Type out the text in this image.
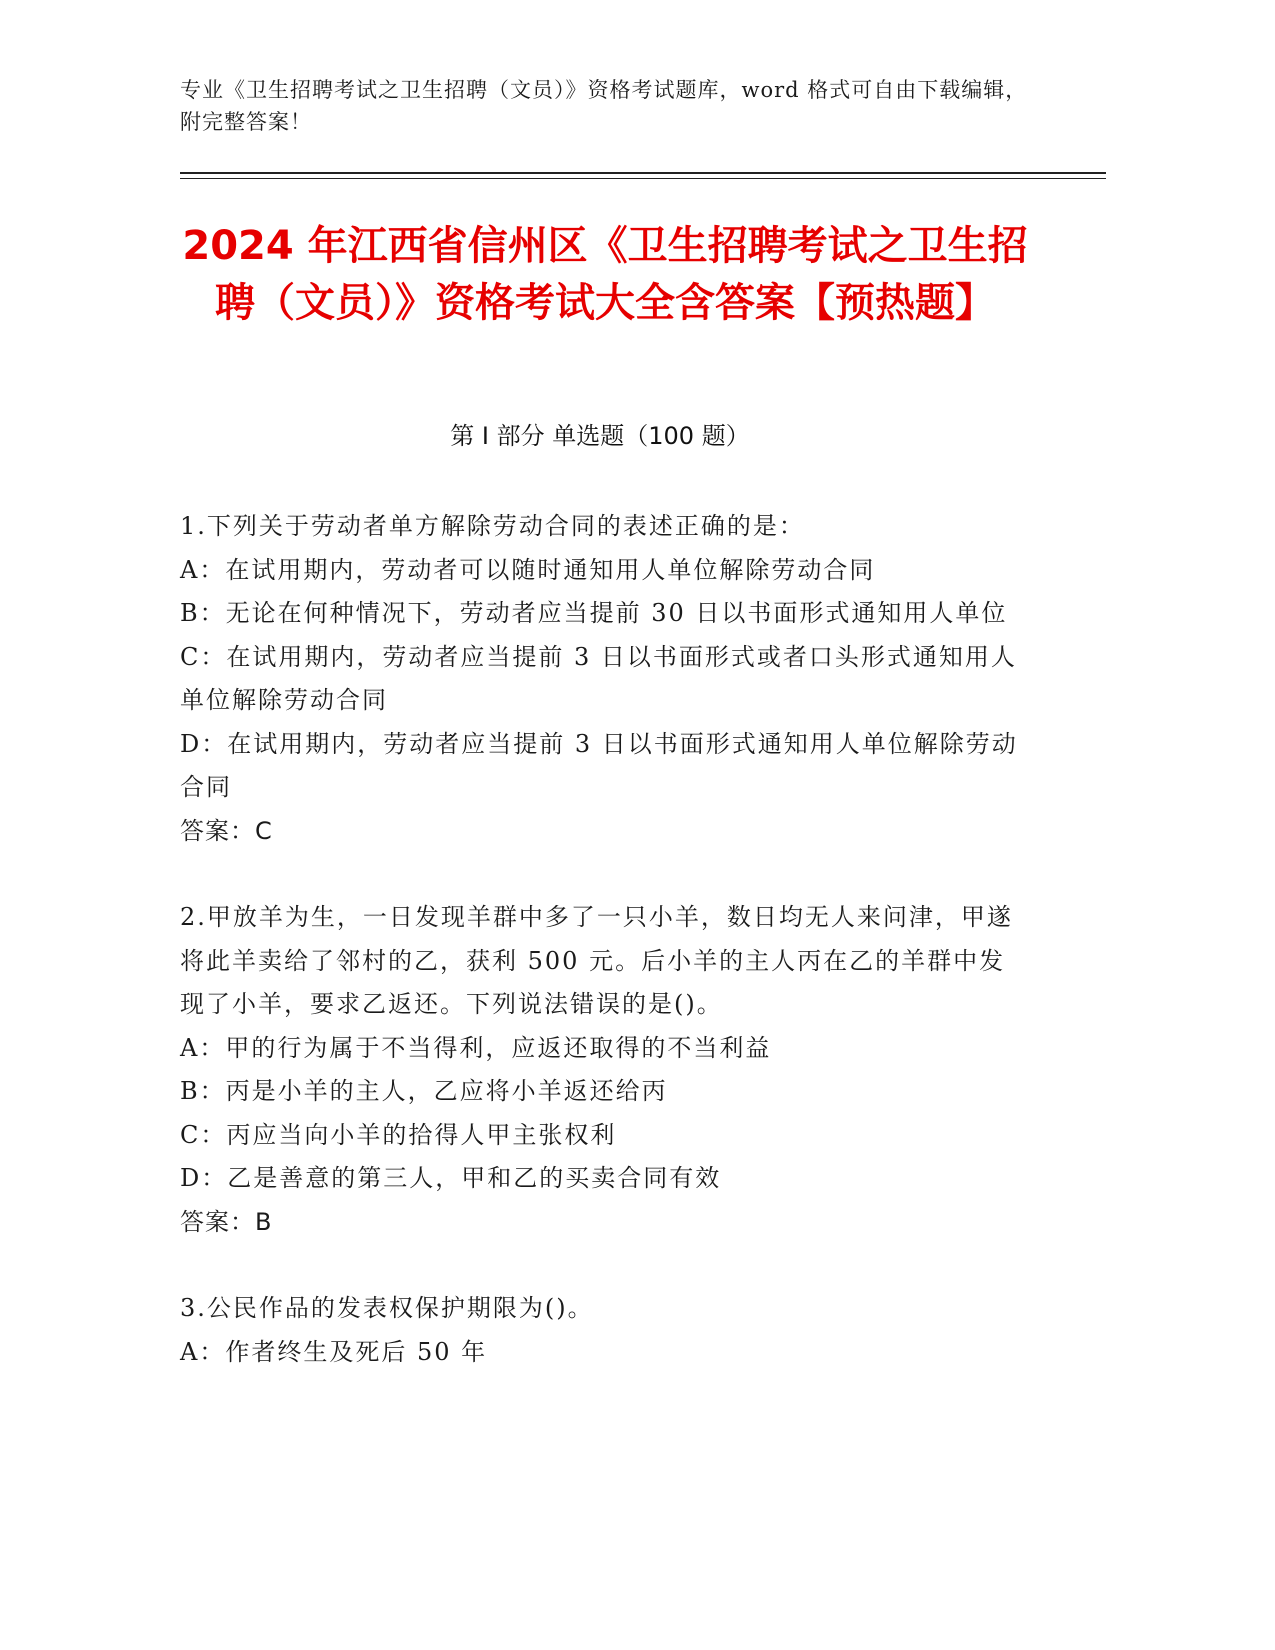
专业《卫生招聘考试之卫生招聘（文员）》资格考试题库，word 格式可自由下载编辑，附完整答案！
2024 年江西省信州区《卫生招聘考试之卫生招聘（文员）》资格考试大全含答案【预热题】
第 I 部分 单选题（100 题）
1.下列关于劳动者单方解除劳动合同的表述正确的是：
A：在试用期内，劳动者可以随时通知用人单位解除劳动合同
B：无论在何种情况下，劳动者应当提前 30 日以书面形式通知用人单位
C：在试用期内，劳动者应当提前 3 日以书面形式或者口头形式通知用人单位解除劳动合同
D：在试用期内，劳动者应当提前 3 日以书面形式通知用人单位解除劳动合同
答案：C
2.甲放羊为生，一日发现羊群中多了一只小羊，数日均无人来问津，甲遂将此羊卖给了邻村的乙，获利 500 元。后小羊的主人丙在乙的羊群中发现了小羊，要求乙返还。下列说法错误的是()。
A：甲的行为属于不当得利，应返还取得的不当利益
B：丙是小羊的主人，乙应将小羊返还给丙
C：丙应当向小羊的拾得人甲主张权利
D：乙是善意的第三人，甲和乙的买卖合同有效
答案：B
3.公民作品的发表权保护期限为()。
A：作者终生及死后 50 年
